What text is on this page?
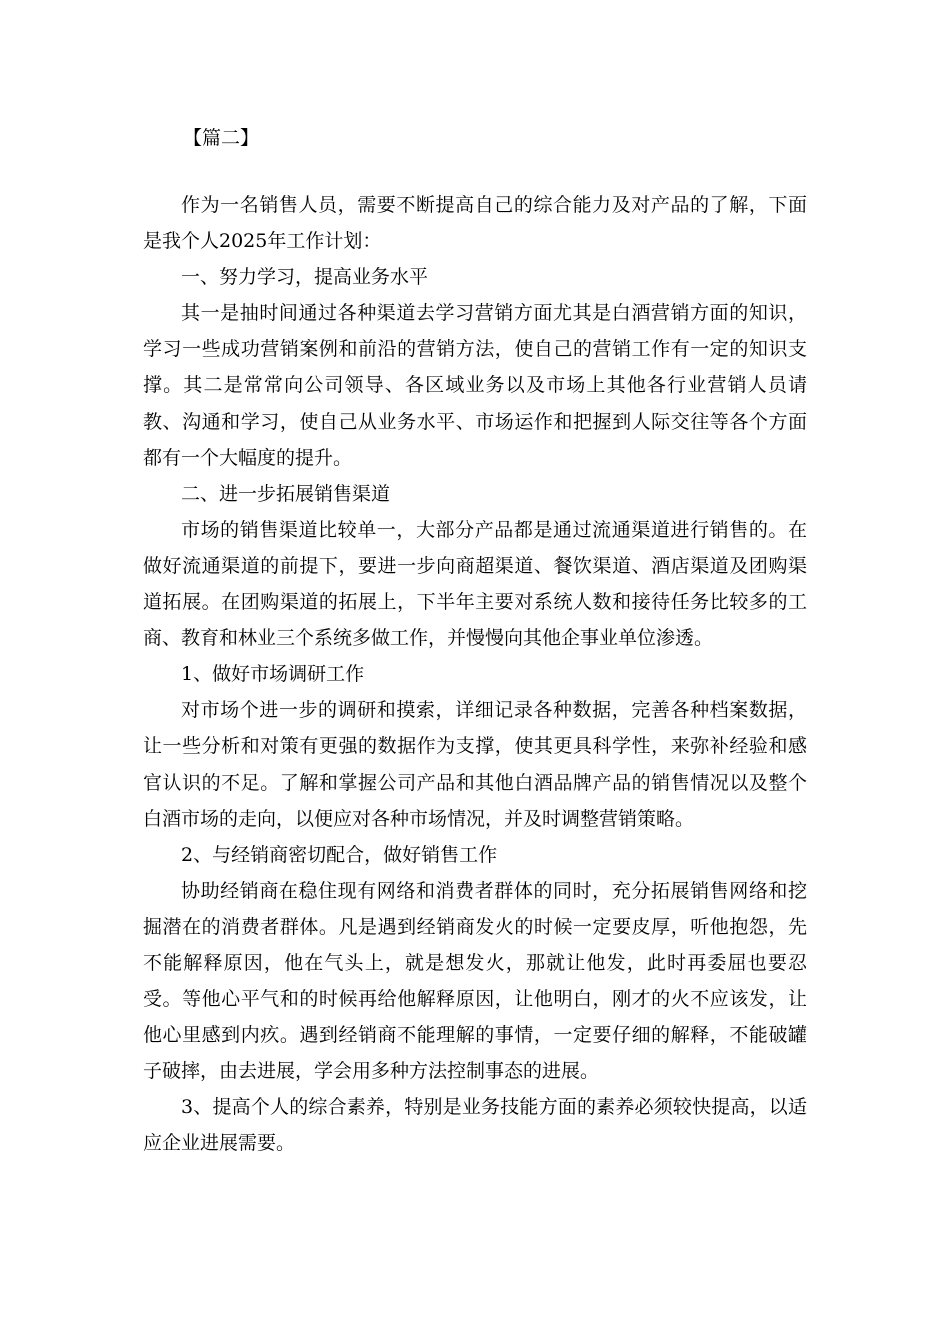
【篇二】

作为一名销售人员，需要不断提高自己的综合能力及对产品的了解，下面是我个人2025年工作计划：

一、努力学习，提高业务水平

其一是抽时间通过各种渠道去学习营销方面尤其是白酒营销方面的知识，学习一些成功营销案例和前沿的营销方法，使自己的营销工作有一定的知识支撑。其二是常常向公司领导、各区域业务以及市场上其他各行业营销人员请教、沟通和学习，使自己从业务水平、市场运作和把握到人际交往等各个方面都有一个大幅度的提升。

二、进一步拓展销售渠道

市场的销售渠道比较单一，大部分产品都是通过流通渠道进行销售的。在做好流通渠道的前提下，要进一步向商超渠道、餐饮渠道、酒店渠道及团购渠道拓展。在团购渠道的拓展上，下半年主要对系统人数和接待任务比较多的工商、教育和林业三个系统多做工作，并慢慢向其他企事业单位渗透。

1、做好市场调研工作

对市场个进一步的调研和摸索，详细记录各种数据，完善各种档案数据，让一些分析和对策有更强的数据作为支撑，使其更具科学性，来弥补经验和感官认识的不足。了解和掌握公司产品和其他白酒品牌产品的销售情况以及整个白酒市场的走向，以便应对各种市场情况，并及时调整营销策略。

2、与经销商密切配合，做好销售工作

协助经销商在稳住现有网络和消费者群体的同时，充分拓展销售网络和挖掘潜在的消费者群体。凡是遇到经销商发火的时候一定要皮厚，听他抱怨，先不能解释原因，他在气头上，就是想发火，那就让他发，此时再委屈也要忍受。等他心平气和的时候再给他解释原因，让他明白，刚才的火不应该发，让他心里感到内疚。遇到经销商不能理解的事情，一定要仔细的解释，不能破罐子破摔，由去进展，学会用多种方法控制事态的进展。

3、提高个人的综合素养，特别是业务技能方面的素养必须较快提高，以适应企业进展需要。
